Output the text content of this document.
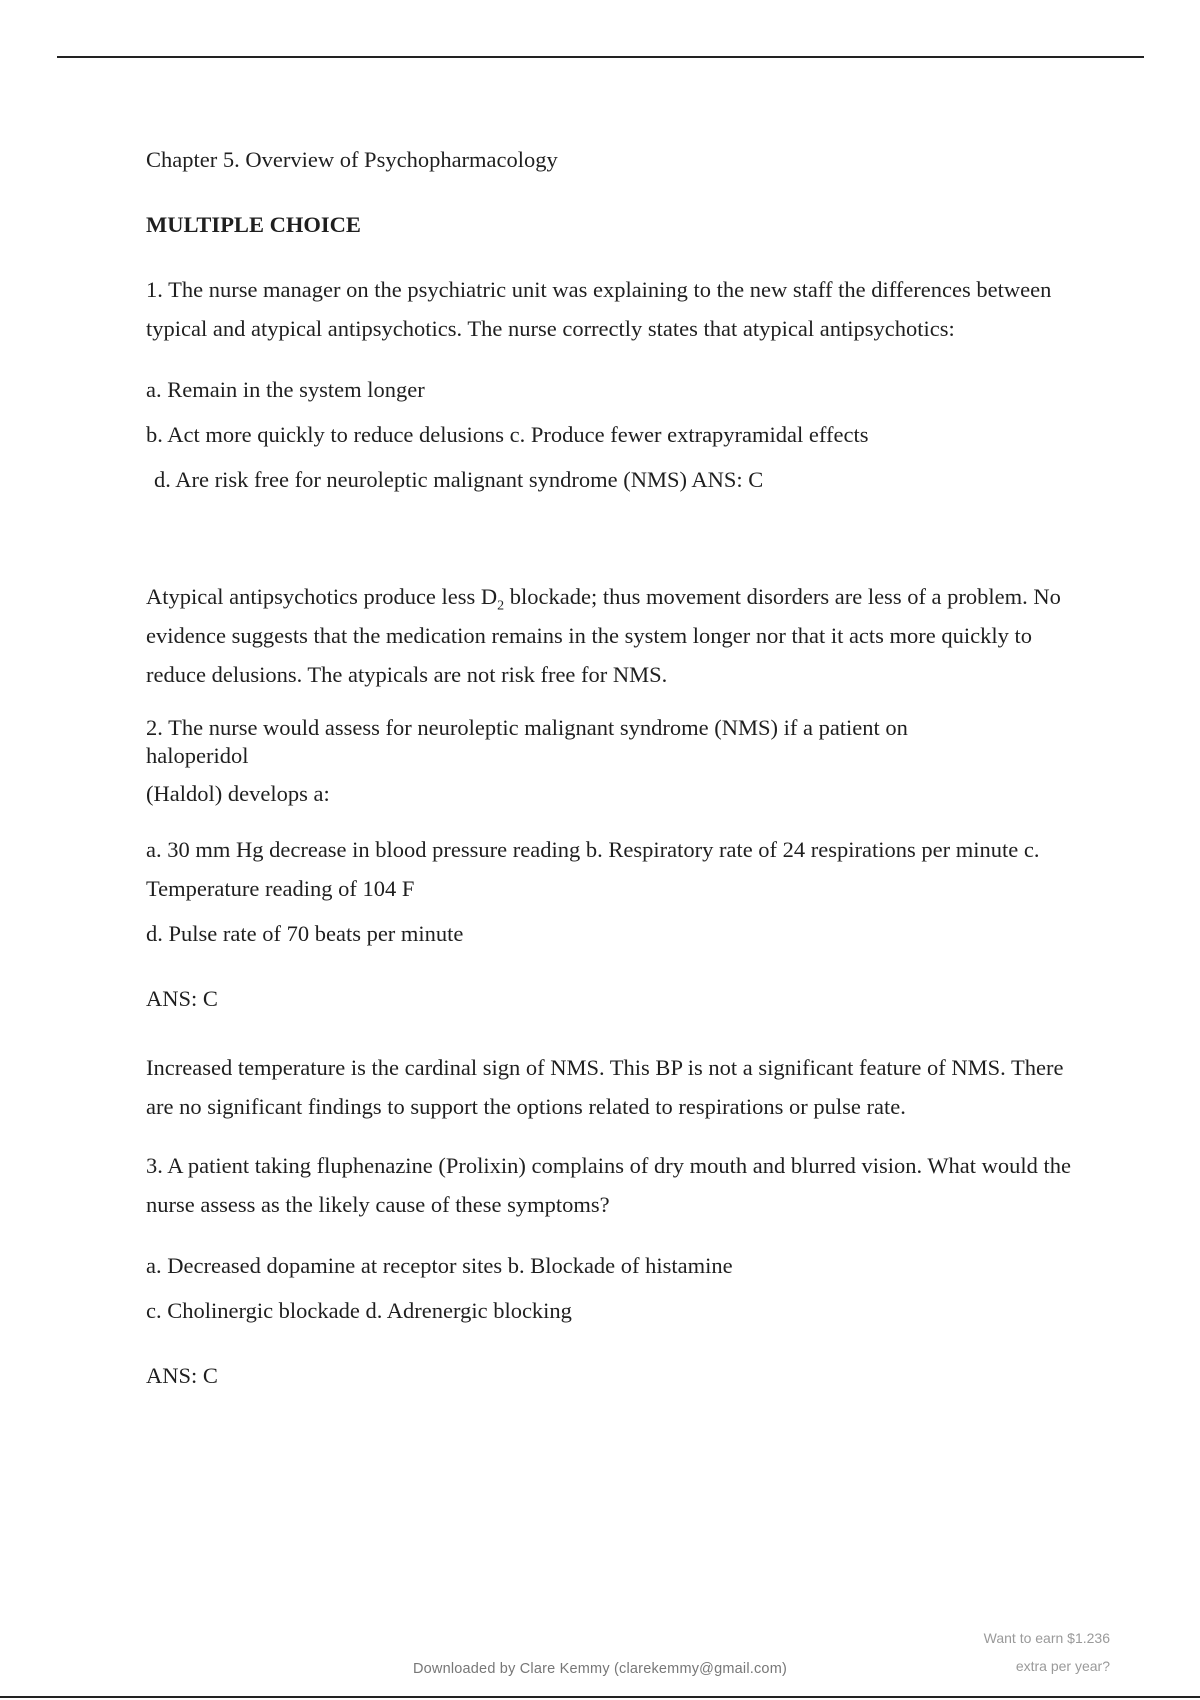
Chapter 5. Overview of Psychopharmacology
MULTIPLE CHOICE
1. The nurse manager on the psychiatric unit was explaining to the new staff the differences between typical and atypical antipsychotics. The nurse correctly states that atypical antipsychotics:
a. Remain in the system longer
b. Act more quickly to reduce delusions c. Produce fewer extrapyramidal effects
d. Are risk free for neuroleptic malignant syndrome (NMS) ANS: C
Atypical antipsychotics produce less $D_2$ blockade; thus movement disorders are less of a problem. No evidence suggests that the medication remains in the system longer nor that it acts more quickly to reduce delusions. The atypicals are not risk free for NMS.
2. The nurse would assess for neuroleptic malignant syndrome (NMS) if a patient on
haloperidol
(Haldol) develops a:
a. 30 mm Hg decrease in blood pressure reading b. Respiratory rate of 24 respirations per minute c. Temperature reading of 104 F
d. Pulse rate of 70 beats per minute
ANS: C
Increased temperature is the cardinal sign of NMS. This BP is not a significant feature of NMS. There are no significant findings to support the options related to respirations or pulse rate.
3. A patient taking fluphenazine (Prolixin) complains of dry mouth and blurred vision. What would the nurse assess as the likely cause of these symptoms?
a. Decreased dopamine at receptor sites b. Blockade of histamine
c. Cholinergic blockade d. Adrenergic blocking
ANS: C
Want to earn $1.236
extra per year?
Downloaded by Clare Kemmy (clarekemmy@gmail.com)
